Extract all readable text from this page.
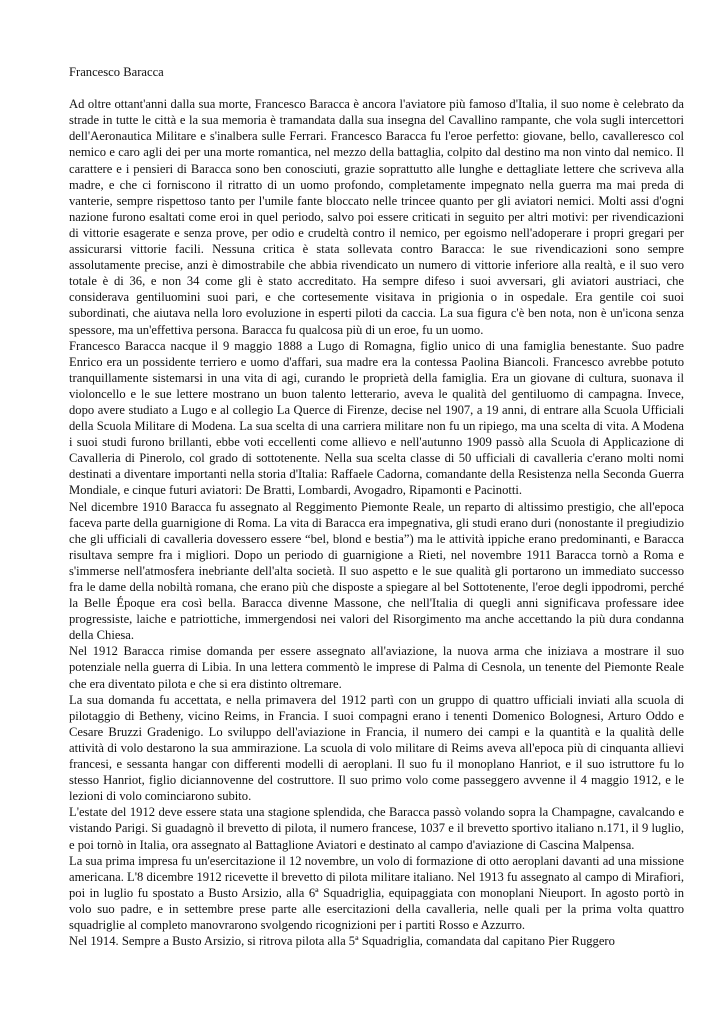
Francesco Baracca

Ad oltre ottant'anni dalla sua morte, Francesco Baracca è ancora l'aviatore più famoso d'Italia, il suo nome è celebrato da strade in tutte le città e la sua memoria è tramandata dalla sua insegna del Cavallino rampante, che vola sugli intercettori dell'Aeronautica Militare e s'inalbera sulle Ferrari. Francesco Baracca fu l'eroe perfetto: giovane, bello, cavalleresco col nemico e caro agli dei per una morte romantica, nel mezzo della battaglia, colpito dal destino ma non vinto dal nemico. Il carattere e i pensieri di Baracca sono ben conosciuti, grazie soprattutto alle lunghe e dettagliate lettere che scriveva alla madre, e che ci forniscono il ritratto di un uomo profondo, completamente impegnato nella guerra ma mai preda di vanterie, sempre rispettoso tanto per l'umile fante bloccato nelle trincee quanto per gli aviatori nemici. Molti assi d'ogni nazione furono esaltati come eroi in quel periodo, salvo poi essere criticati in seguito per altri motivi: per rivendicazioni di vittorie esagerate e senza prove, per odio e crudeltà contro il nemico, per egoismo nell'adoperare i propri gregari per assicurarsi vittorie facili. Nessuna critica è stata sollevata contro Baracca: le sue rivendicazioni sono sempre assolutamente precise, anzi è dimostrabile che abbia rivendicato un numero di vittorie inferiore alla realtà, e il suo vero totale è di 36, e non 34 come gli è stato accreditato. Ha sempre difeso i suoi avversari, gli aviatori austriaci, che considerava gentiluomini suoi pari, e che cortesemente visitava in prigionia o in ospedale. Era gentile coi suoi subordinati, che aiutava nella loro evoluzione in esperti piloti da caccia. La sua figura c'è ben nota, non è un'icona senza spessore, ma un'effettiva persona. Baracca fu qualcosa più di un eroe, fu un uomo.

Francesco Baracca nacque il 9 maggio 1888 a Lugo di Romagna, figlio unico di una famiglia benestante. Suo padre Enrico era un possidente terriero e uomo d'affari, sua madre era la contessa Paolina Biancoli. Francesco avrebbe potuto tranquillamente sistemarsi in una vita di agi, curando le proprietà della famiglia. Era un giovane di cultura, suonava il violoncello e le sue lettere mostrano un buon talento letterario, aveva le qualità del gentiluomo di campagna. Invece, dopo avere studiato a Lugo e al collegio La Querce di Firenze, decise nel 1907, a 19 anni, di entrare alla Scuola Ufficiali della Scuola Militare di Modena. La sua scelta di una carriera militare non fu un ripiego, ma una scelta di vita. A Modena i suoi studi furono brillanti, ebbe voti eccellenti come allievo e nell'autunno 1909 passò alla Scuola di Applicazione di Cavalleria di Pinerolo, col grado di sottotenente. Nella sua scelta classe di 50 ufficiali di cavalleria c'erano molti nomi destinati a diventare importanti nella storia d'Italia: Raffaele Cadorna, comandante della Resistenza nella Seconda Guerra Mondiale, e cinque futuri aviatori: De Bratti, Lombardi, Avogadro, Ripamonti e Pacinotti.

Nel dicembre 1910 Baracca fu assegnato al Reggimento Piemonte Reale, un reparto di altissimo prestigio, che all'epoca faceva parte della guarnigione di Roma. La vita di Baracca era impegnativa, gli studi erano duri (nonostante il pregiudizio che gli ufficiali di cavalleria dovessero essere “bel, blond e bestia”) ma le attività ippiche erano predominanti, e Baracca risultava sempre fra i migliori. Dopo un periodo di guarnigione a Rieti, nel novembre 1911 Baracca tornò a Roma e s'immerse nell'atmosfera inebriante dell'alta società. Il suo aspetto e le sue qualità gli portarono un immediato successo fra le dame della nobiltà romana, che erano più che disposte a spiegare al bel Sottotenente, l'eroe degli ippodromi, perché la Belle Époque era così bella. Baracca divenne Massone, che nell'Italia di quegli anni significava professare idee progressiste, laiche e patriottiche, immergendosi nei valori del Risorgimento ma anche accettando la più dura condanna della Chiesa.

Nel 1912 Baracca rimise domanda per essere assegnato all'aviazione, la nuova arma che iniziava a mostrare il suo potenziale nella guerra di Libia. In una lettera commentò le imprese di Palma di Cesnola, un tenente del Piemonte Reale che era diventato pilota e che si era distinto oltremare.

La sua domanda fu accettata, e nella primavera del 1912 partì con un gruppo di quattro ufficiali inviati alla scuola di pilotaggio di Betheny, vicino Reims, in Francia. I suoi compagni erano i tenenti Domenico Bolognesi, Arturo Oddo e Cesare Bruzzi Gradenigo. Lo sviluppo dell'aviazione in Francia, il numero dei campi e la quantità e la qualità delle attività di volo destarono la sua ammirazione. La scuola di volo militare di Reims aveva all'epoca più di cinquanta allievi francesi, e sessanta hangar con differenti modelli di aeroplani. Il suo fu il monoplano Hanriot, e il suo istruttore fu lo stesso Hanriot, figlio diciannovenne del costruttore. Il suo primo volo come passeggero avvenne il 4 maggio 1912, e le lezioni di volo cominciarono subito.

L'estate del 1912 deve essere stata una stagione splendida, che Baracca passò volando sopra la Champagne, cavalcando e vistando Parigi. Si guadagnò il brevetto di pilota, il numero francese, 1037 e il brevetto sportivo italiano n.171, il 9 luglio, e poi tornò in Italia, ora assegnato al Battaglione Aviatori e destinato al campo d'aviazione di Cascina Malpensa.

La sua prima impresa fu un'esercitazione il 12 novembre, un volo di formazione di otto aeroplani davanti ad una missione americana. L'8 dicembre 1912 ricevette il brevetto di pilota militare italiano. Nel 1913 fu assegnato al campo di Mirafiori, poi in luglio fu spostato a Busto Arsizio, alla 6ª Squadriglia, equipaggiata con monoplani Nieuport. In agosto portò in volo suo padre, e in settembre prese parte alle esercitazioni della cavalleria, nelle quali per la prima volta quattro squadriglie al completo manovrarono svolgendo ricognizioni per i partiti Rosso e Azzurro.

Nel 1914. Sempre a Busto Arsizio, si ritrova pilota alla 5ª Squadriglia, comandata dal capitano Pier Ruggero
